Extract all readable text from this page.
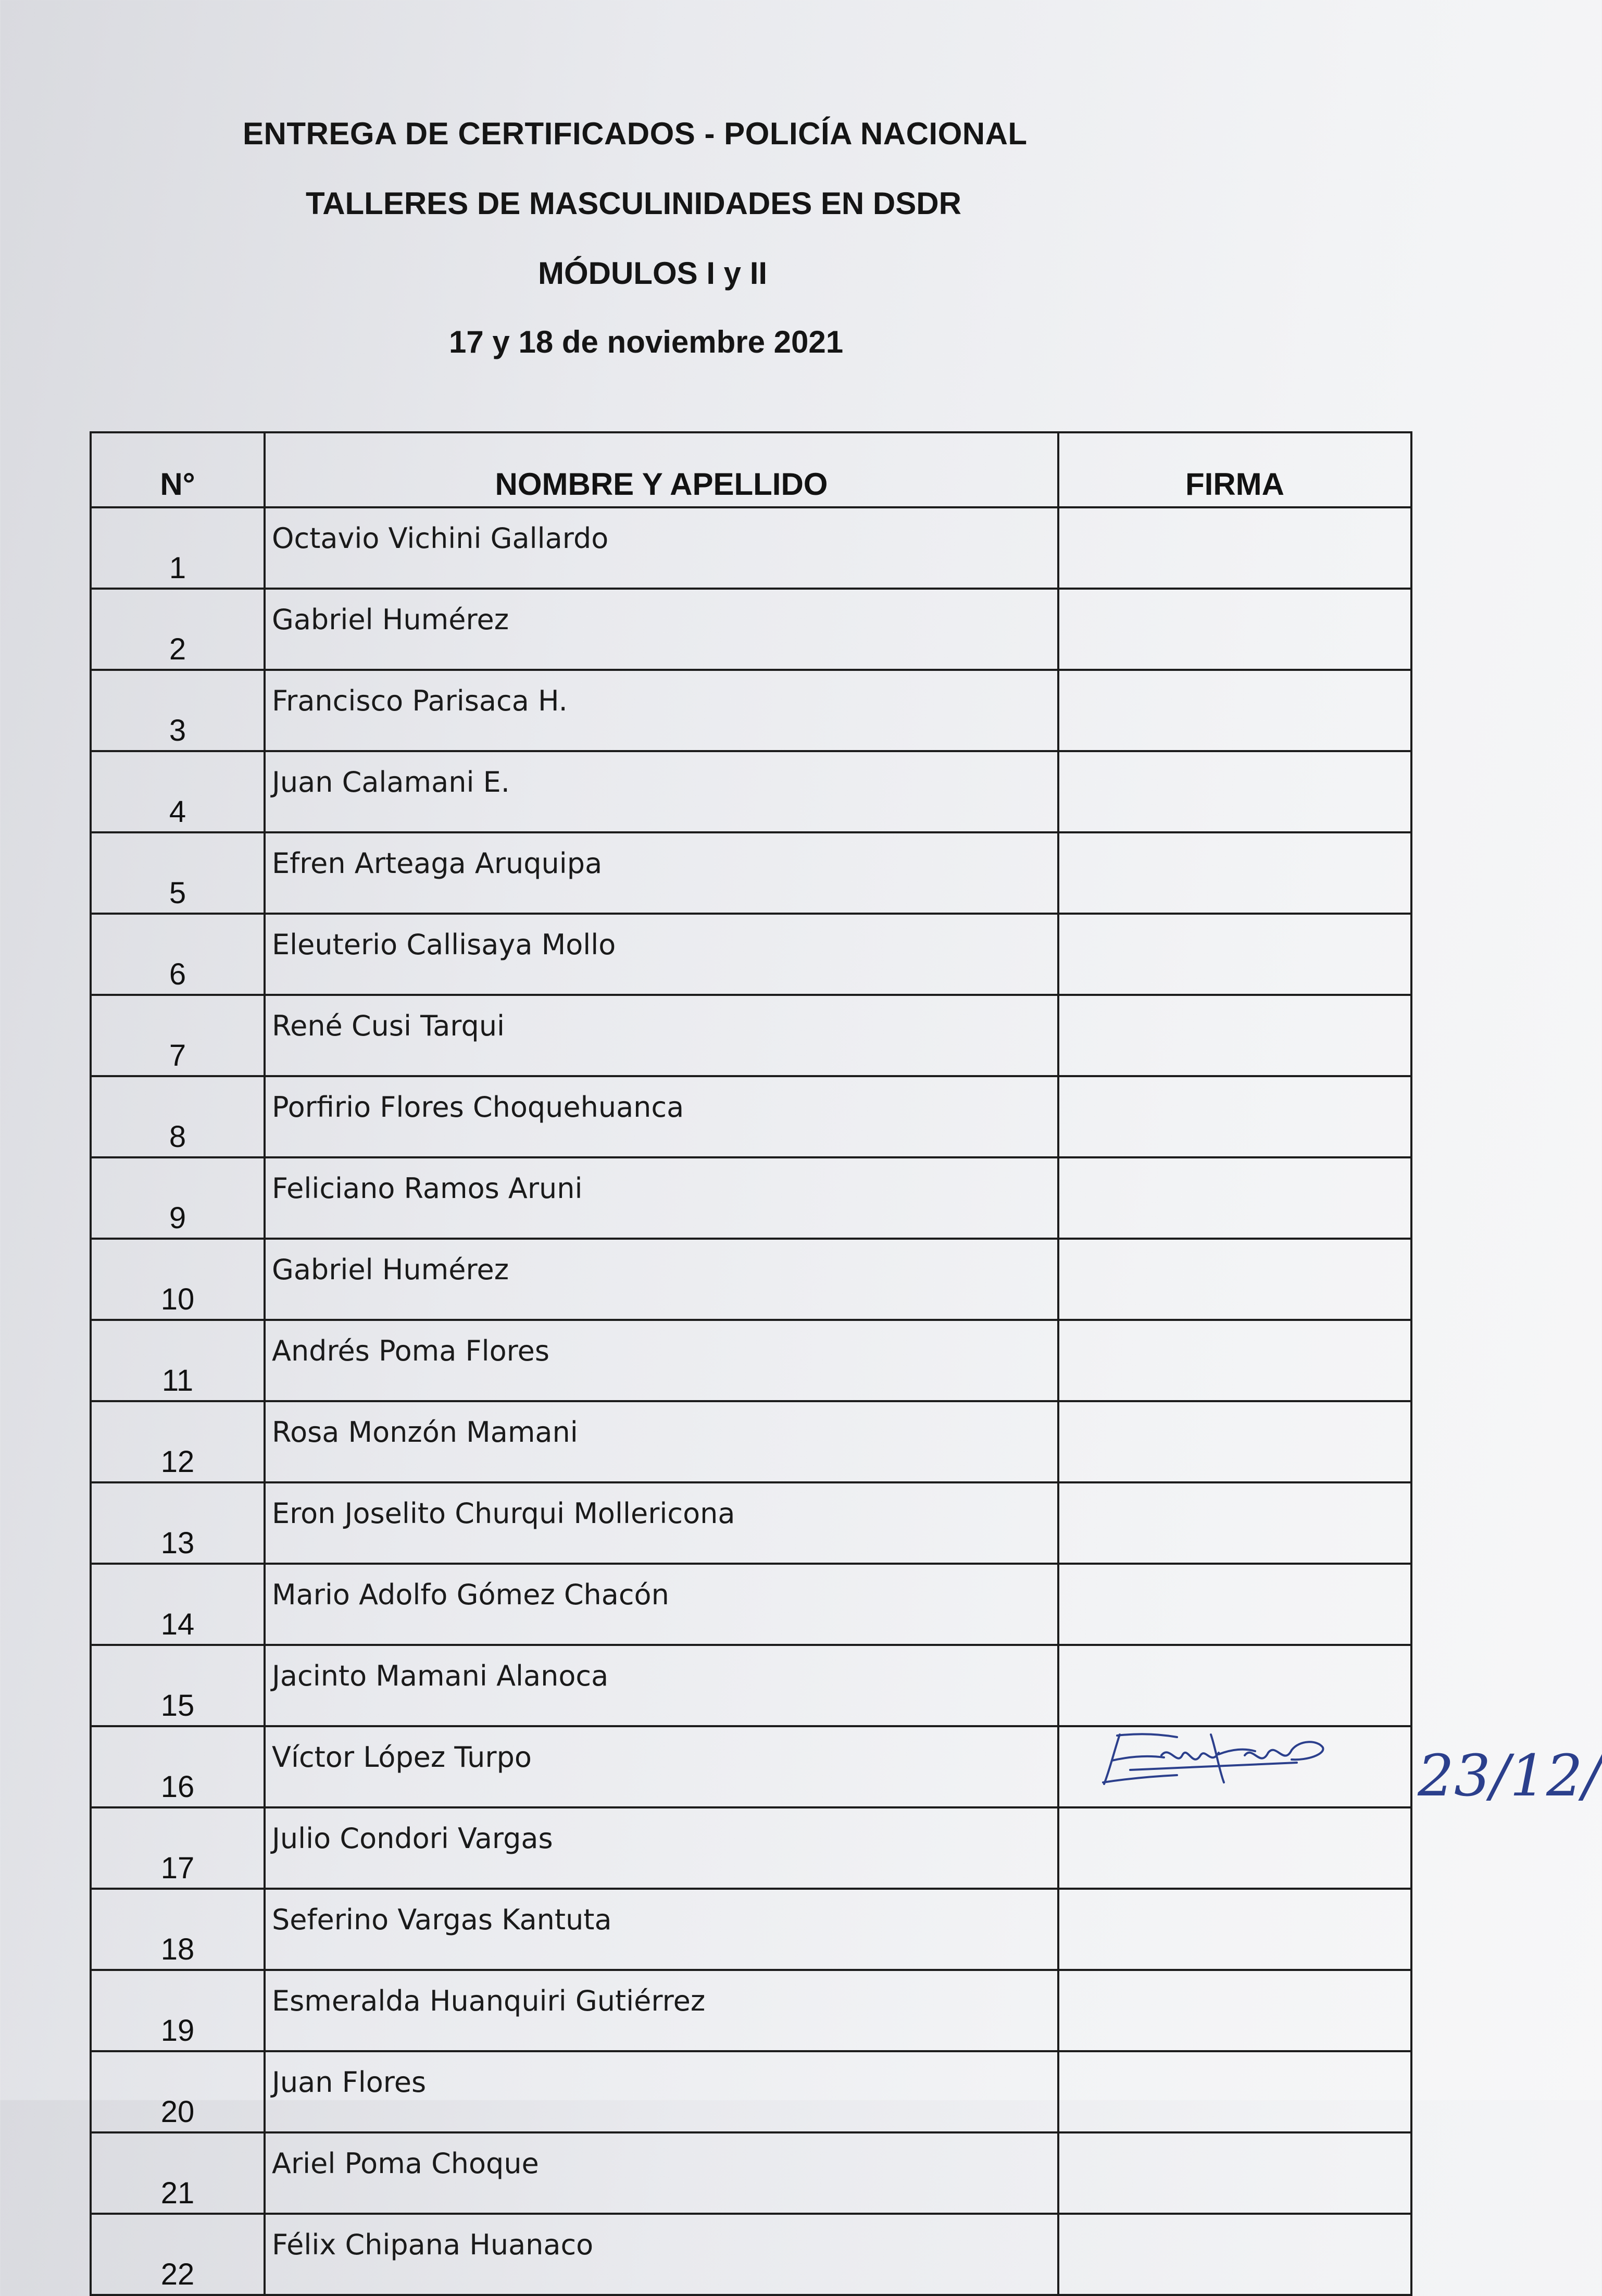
ENTREGA DE CERTIFICADOS - POLICÍA NACIONAL
TALLERES DE MASCULINIDADES EN DSDR
MÓDULOS I y II
17 y 18 de noviembre 2021
N°	NOMBRE Y APELLIDO	FIRMA
1	Octavio Vichini Gallardo	
2	Gabriel Humérez	
3	Francisco Parisaca H.	
4	Juan Calamani E.	
5	Efren Arteaga Aruquipa	
6	Eleuterio Callisaya Mollo	
7	René Cusi Tarqui	
8	Porfirio Flores Choquehuanca	
9	Feliciano Ramos Aruni	
10	Gabriel Humérez	
11	Andrés Poma Flores	
12	Rosa Monzón Mamani	
13	Eron Joselito Churqui Mollericona	
14	Mario Adolfo Gómez Chacón	
15	Jacinto Mamani Alanoca	
16	Víctor López Turpo	
17	Julio Condori Vargas	
18	Seferino Vargas Kantuta	
19	Esmeralda Huanquiri Gutiérrez	
20	Juan Flores	
21	Ariel Poma Choque	
22	Félix Chipana Huanaco	
23/12/
